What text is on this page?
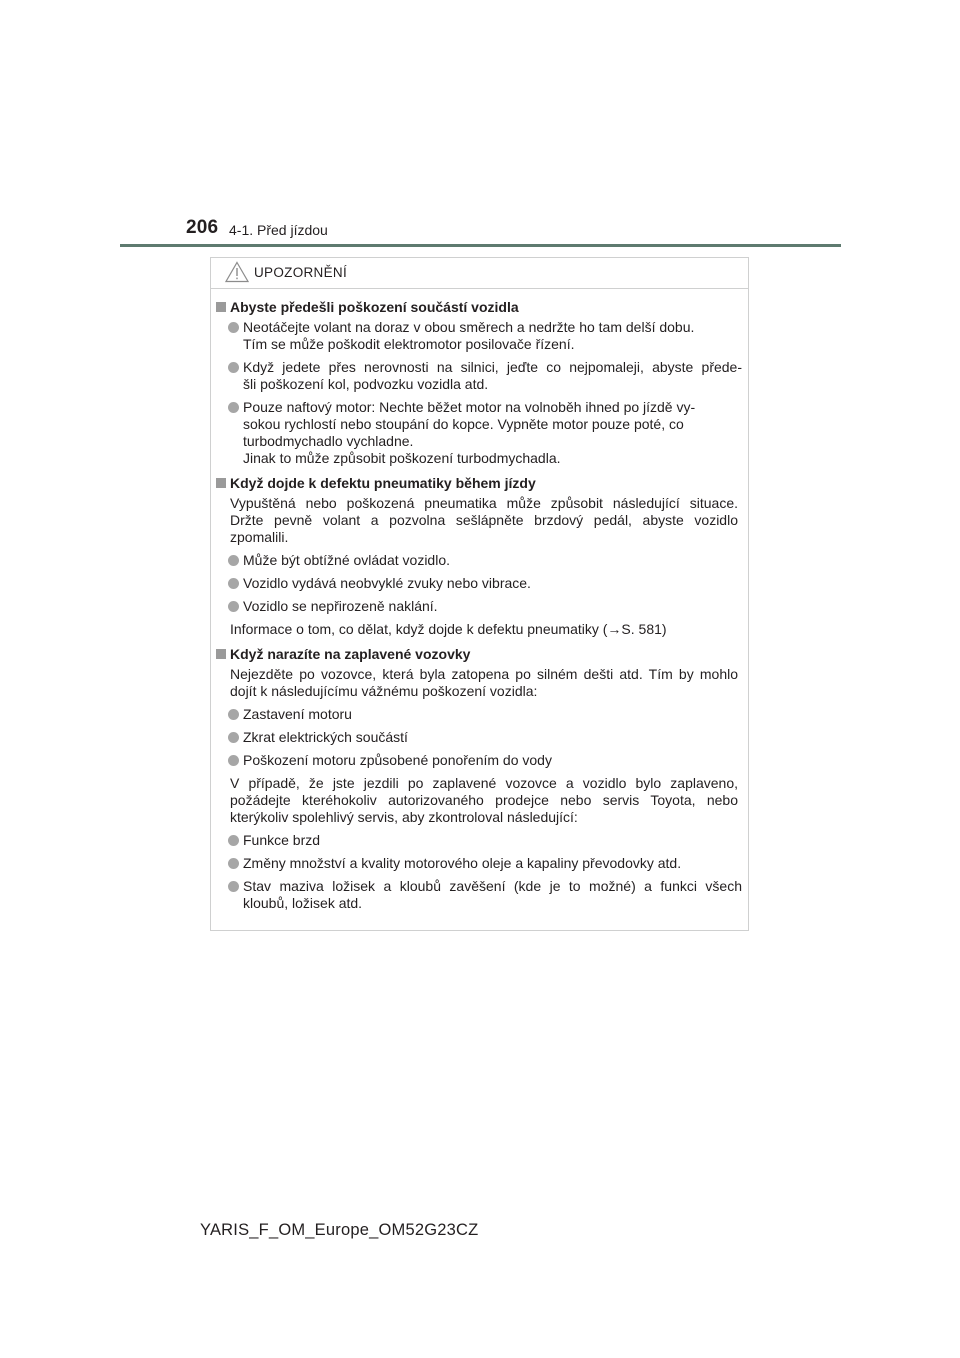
206 4-1. Před jízdou
UPOZORNĚNÍ
Abyste předešli poškození součástí vozidla
Neotáčejte volant na doraz v obou směrech a nedržte ho tam delší dobu.
Tím se může poškodit elektromotor posilovače řízení.
Když jedete přes nerovnosti na silnici, jeďte co nejpomaleji, abyste přede-
šli poškození kol, podvozku vozidla atd.
Pouze naftový motor: Nechte běžet motor na volnoběh ihned po jízdě vy-
sokou rychlostí nebo stoupání do kopce. Vypněte motor pouze poté, co
turbodmychadlo vychladne.
Jinak to může způsobit poškození turbodmychadla.
Když dojde k defektu pneumatiky během jízdy
Vypuštěná nebo poškozená pneumatika může způsobit následující situace.
Držte pevně volant a pozvolna sešlápněte brzdový pedál, abyste vozidlo
zpomalili.
Může být obtížné ovládat vozidlo.
Vozidlo vydává neobvyklé zvuky nebo vibrace.
Vozidlo se nepřirozeně naklání.
Informace o tom, co dělat, když dojde k defektu pneumatiky (→S. 581)
Když narazíte na zaplavené vozovky
Nejezděte po vozovce, která byla zatopena po silném dešti atd. Tím by mohlo
dojít k následujícímu vážnému poškození vozidla:
Zastavení motoru
Zkrat elektrických součástí
Poškození motoru způsobené ponořením do vody
V případě, že jste jezdili po zaplavené vozovce a vozidlo bylo zaplaveno,
požádejte kteréhokoliv autorizovaného prodejce nebo servis Toyota, nebo
kterýkoliv spolehlivý servis, aby zkontroloval následující:
Funkce brzd
Změny množství a kvality motorového oleje a kapaliny převodovky atd.
Stav maziva ložisek a kloubů zavěšení (kde je to možné) a funkci všech
kloubů, ložisek atd.
YARIS_F_OM_Europe_OM52G23CZ
